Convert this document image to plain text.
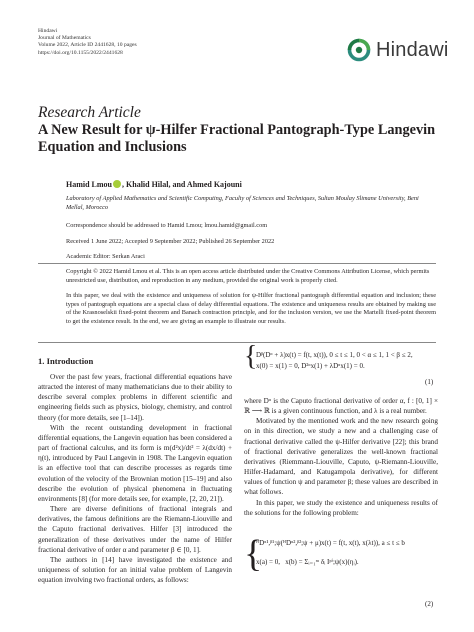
Hindawi
Journal of Mathematics
Volume 2022, Article ID 2441628, 10 pages
https://doi.org/10.1155/2022/2441628	Hindawi
Research Article
A New Result for ψ-Hilfer Fractional Pantograph-Type Langevin Equation and Inclusions
Hamid Lmou , Khalid Hilal, and Ahmed Kajouni
Laboratory of Applied Mathematics and Scientific Computing, Faculty of Sciences and Techniques, Sultan Moulay Slimane University, Beni Mellal, Morocco
Correspondence should be addressed to Hamid Lmou; lmou.hamid@gmail.com
Received 1 June 2022; Accepted 9 September 2022; Published 26 September 2022
Academic Editor: Serkan Araci
Copyright © 2022 Hamid Lmou et al. This is an open access article distributed under the Creative Commons Attribution License, which permits unrestricted use, distribution, and reproduction in any medium, provided the original work is properly cited.
In this paper, we deal with the existence and uniqueness of solution for ψ-Hilfer fractional pantograph differential equation and inclusion; these types of pantograph equations are a special class of delay differential equations. The existence and uniqueness results are obtained by making use of the Krasnoselskii fixed-point theorem and Banach contraction principle, and for the inclusion version, we use the Martelli fixed-point theorem to get the existence result. In the end, we are giving an example to illustrate our results.
1. Introduction

Over the past few years, fractional differential equations have attracted the interest of many mathematicians due to their ability to describe several complex problems in different scientific and engineering fields such as physics, biology, chemistry, and control theory (for more details, see [1–14]).

With the recent outstanding development in fractional differential equations, the Langevin equation has been considered a part of fractional calculus, and its form is m(d²x)/dt² = λ(dx/dt) + η(t), introduced by Paul Langevin in 1908. The Langevin equation is an effective tool that can describe processes as regards time evolution of the velocity of the Brownian motion [15–19] and also describe the evolution of physical phenomena in fluctuating environments [8] (for more details see, for example, [2, 20, 21]).

There are diverse definitions of fractional integrals and derivatives, the famous definitions are the Riemann-Liouville and the Caputo fractional derivatives. Hilfer [3] introduced the generalization of these derivatives under the name of Hilfer fractional derivative of order α and parameter β ∈ [0, 1].

The authors in [14] have investigated the existence and uniqueness of solution for an initial value problem of Langevin equation involving two fractional orders, as follows:

{
Dᵝ(Dᵅ + λ)x(t) = f(t, x(t)), 0 ≤ t ≤ 1, 0 < α ≤ 1, 1 < β ≤ 2,
x(0) = x(1) = 0, D²ᵅx(1) + λDᵅx(1) = 0.
(1)

where Dᵅ is the Caputo fractional derivative of order α, f : [0, 1] × ℝ ⟶ ℝ is a given continuous function, and λ is a real number.

Motivated by the mentioned work and the new research going on in this direction, we study a new and a challenging case of fractional derivative called the ψ-Hilfer derivative [22]; this brand of fractional derivative generalizes the well-known fractional derivatives (Riemmann-Liouville, Caputo, ψ-Riemann-Liouville, Hilfer-Hadamard, and Katugampola derivative), for different values of function ψ and parameter β; these values are described in what follows.

In this paper, we study the existence and uniqueness results of the solutions for the following problem:

{
ᴴDᵅ¹,ᵝ¹;ψ(ᴴDᵅ²,ᵝ²;ψ + μ)x(t) = f(t, x(t), x(λt)), a ≤ t ≤ b
x(a) = 0, x(b) = Σᵢ₌₁ᵐ δᵢ Iᵖⁱ;ψ(x)(ηᵢ).
(2)
